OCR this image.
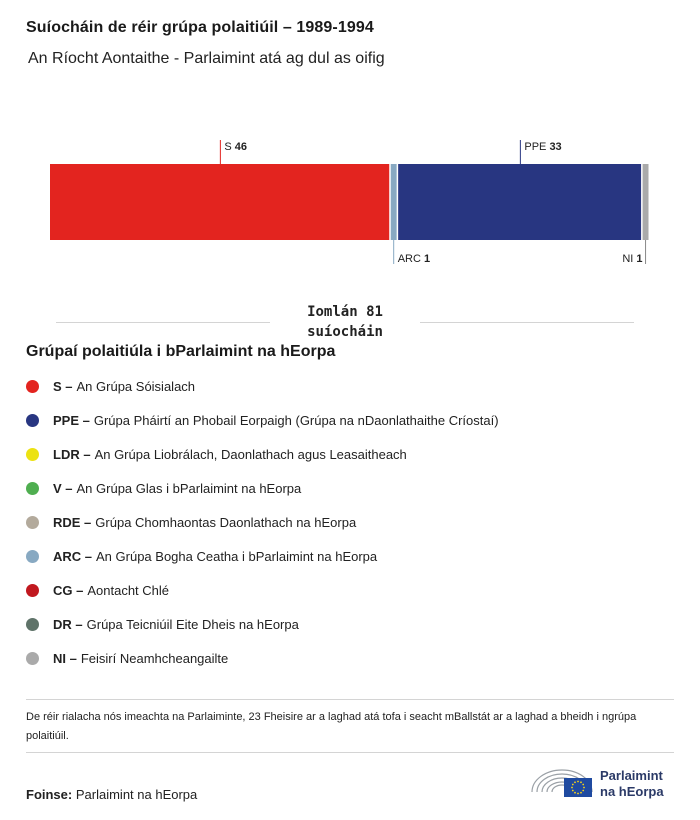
Suíocháin de réir grúpa polaitiúil – 1989-1994

An Ríocht Aontaithe - Parlaimint atá ag dul as oifig

S 46
ARC 1
PPE 33
NI 1
Iomlán 81
suíocháin
Grúpaí polaitiúla i bParlaimint na hEorpa
S – An Grúpa Sóisialach
PPE – Grúpa Pháirtí an Phobail Eorpaigh (Grúpa na nDaonlathaithe Críostaí)
LDR – An Grúpa Liobrálach, Daonlathach agus Leasaitheach
V – An Grúpa Glas i bParlaimint na hEorpa
RDE – Grúpa Chomhaontas Daonlathach na hEorpa
ARC – An Grúpa Bogha Ceatha i bParlaimint na hEorpa
CG – Aontacht Chlé
DR – Grúpa Teicniúil Eite Dheis na hEorpa
NI – Feisirí Neamhcheangailte

De réir rialacha nós imeachta na Parlaiminte, 23 Fheisire ar a laghad atá tofa i seacht mBallstát ar a laghad a bheidh i ngrúpa polaitiúil.

Foinse: Parlaimint na hEorpa

Parlaimint
na hEorpa
